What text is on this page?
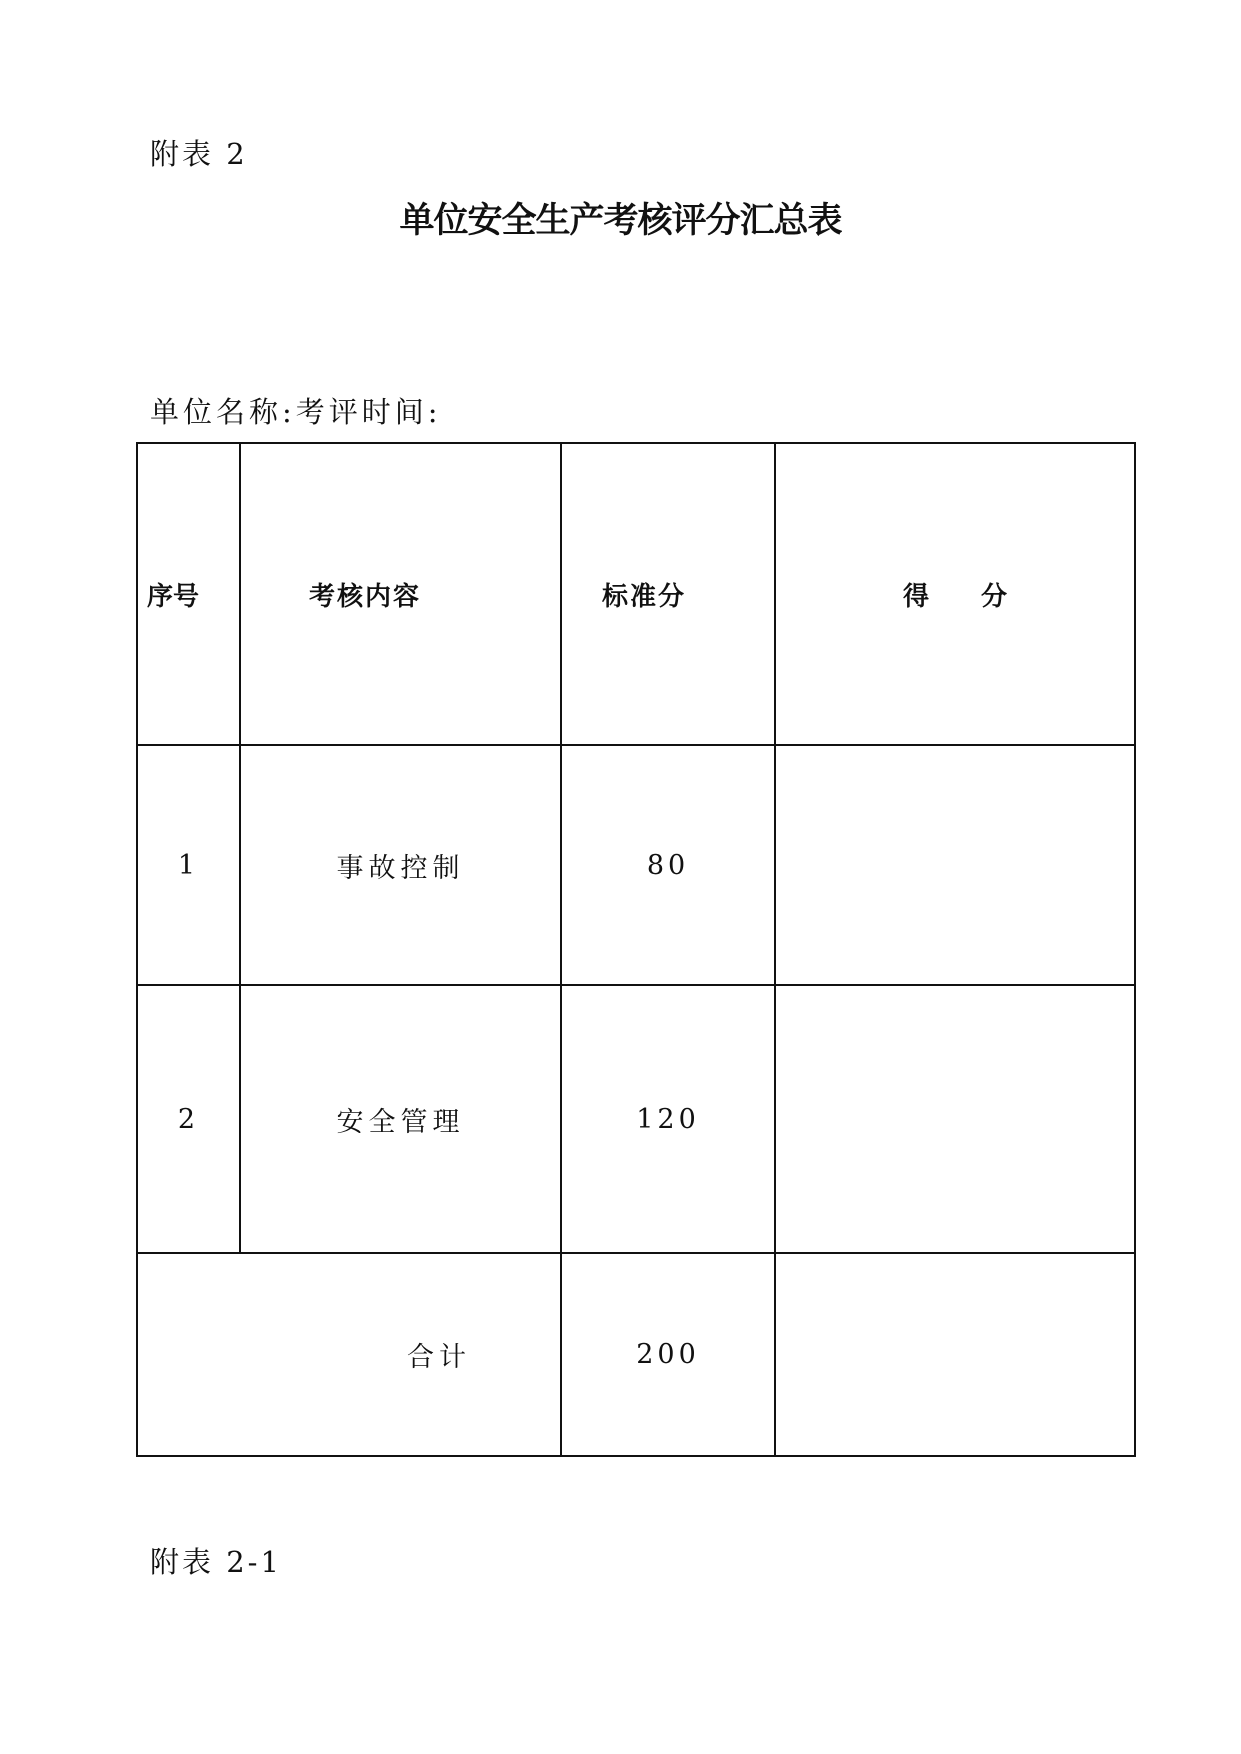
附表 2
单位安全生产考核评分汇总表
单位名称:考评时间:
序号	考核内容	标准分	得 分
1	事故控制	80	
2	安全管理	120	
合计		200	
附表 2-1
